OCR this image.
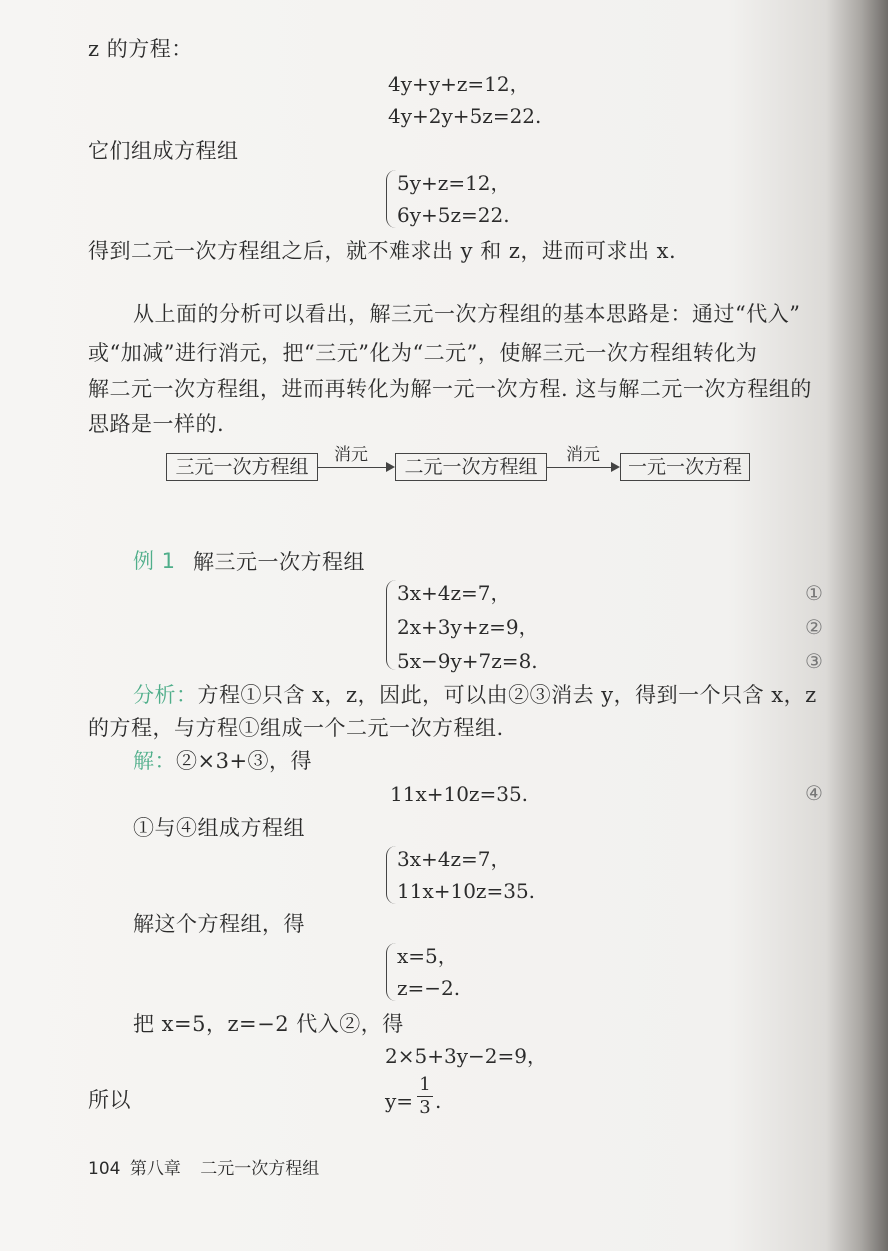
z 的方程：
4y+y+z=12，
4y+2y+5z=22.
它们组成方程组
5y+z=12，
6y+5z=22.
得到二元一次方程组之后，就不难求出 y 和 z，进而可求出 x.
从上面的分析可以看出，解三元一次方程组的基本思路是：通过“代入”
或“加减”进行消元，把“三元”化为“二元”，使解三元一次方程组转化为
解二元一次方程组，进而再转化为解一元一次方程. 这与解二元一次方程组的
思路是一样的.
三元一次方程组
消元
二元一次方程组
消元
一元一次方程
例 1 解三元一次方程组
3x+4z=7，
2x+3y+z=9，
5x−9y+7z=8.
①
②
③
分析：方程①只含 x，z，因此，可以由②③消去 y，得到一个只含 x，z
的方程，与方程①组成一个二元一次方程组.
解：②×3+③，得
11x+10z=35.	④
①与④组成方程组
3x+4z=7，
11x+10z=35.
解这个方程组，得
x=5，
z=−2.
把 x=5，z=−2 代入②，得
2×5+3y−2=9，
所以	y=
1
3 .
104 第八章 二元一次方程组
